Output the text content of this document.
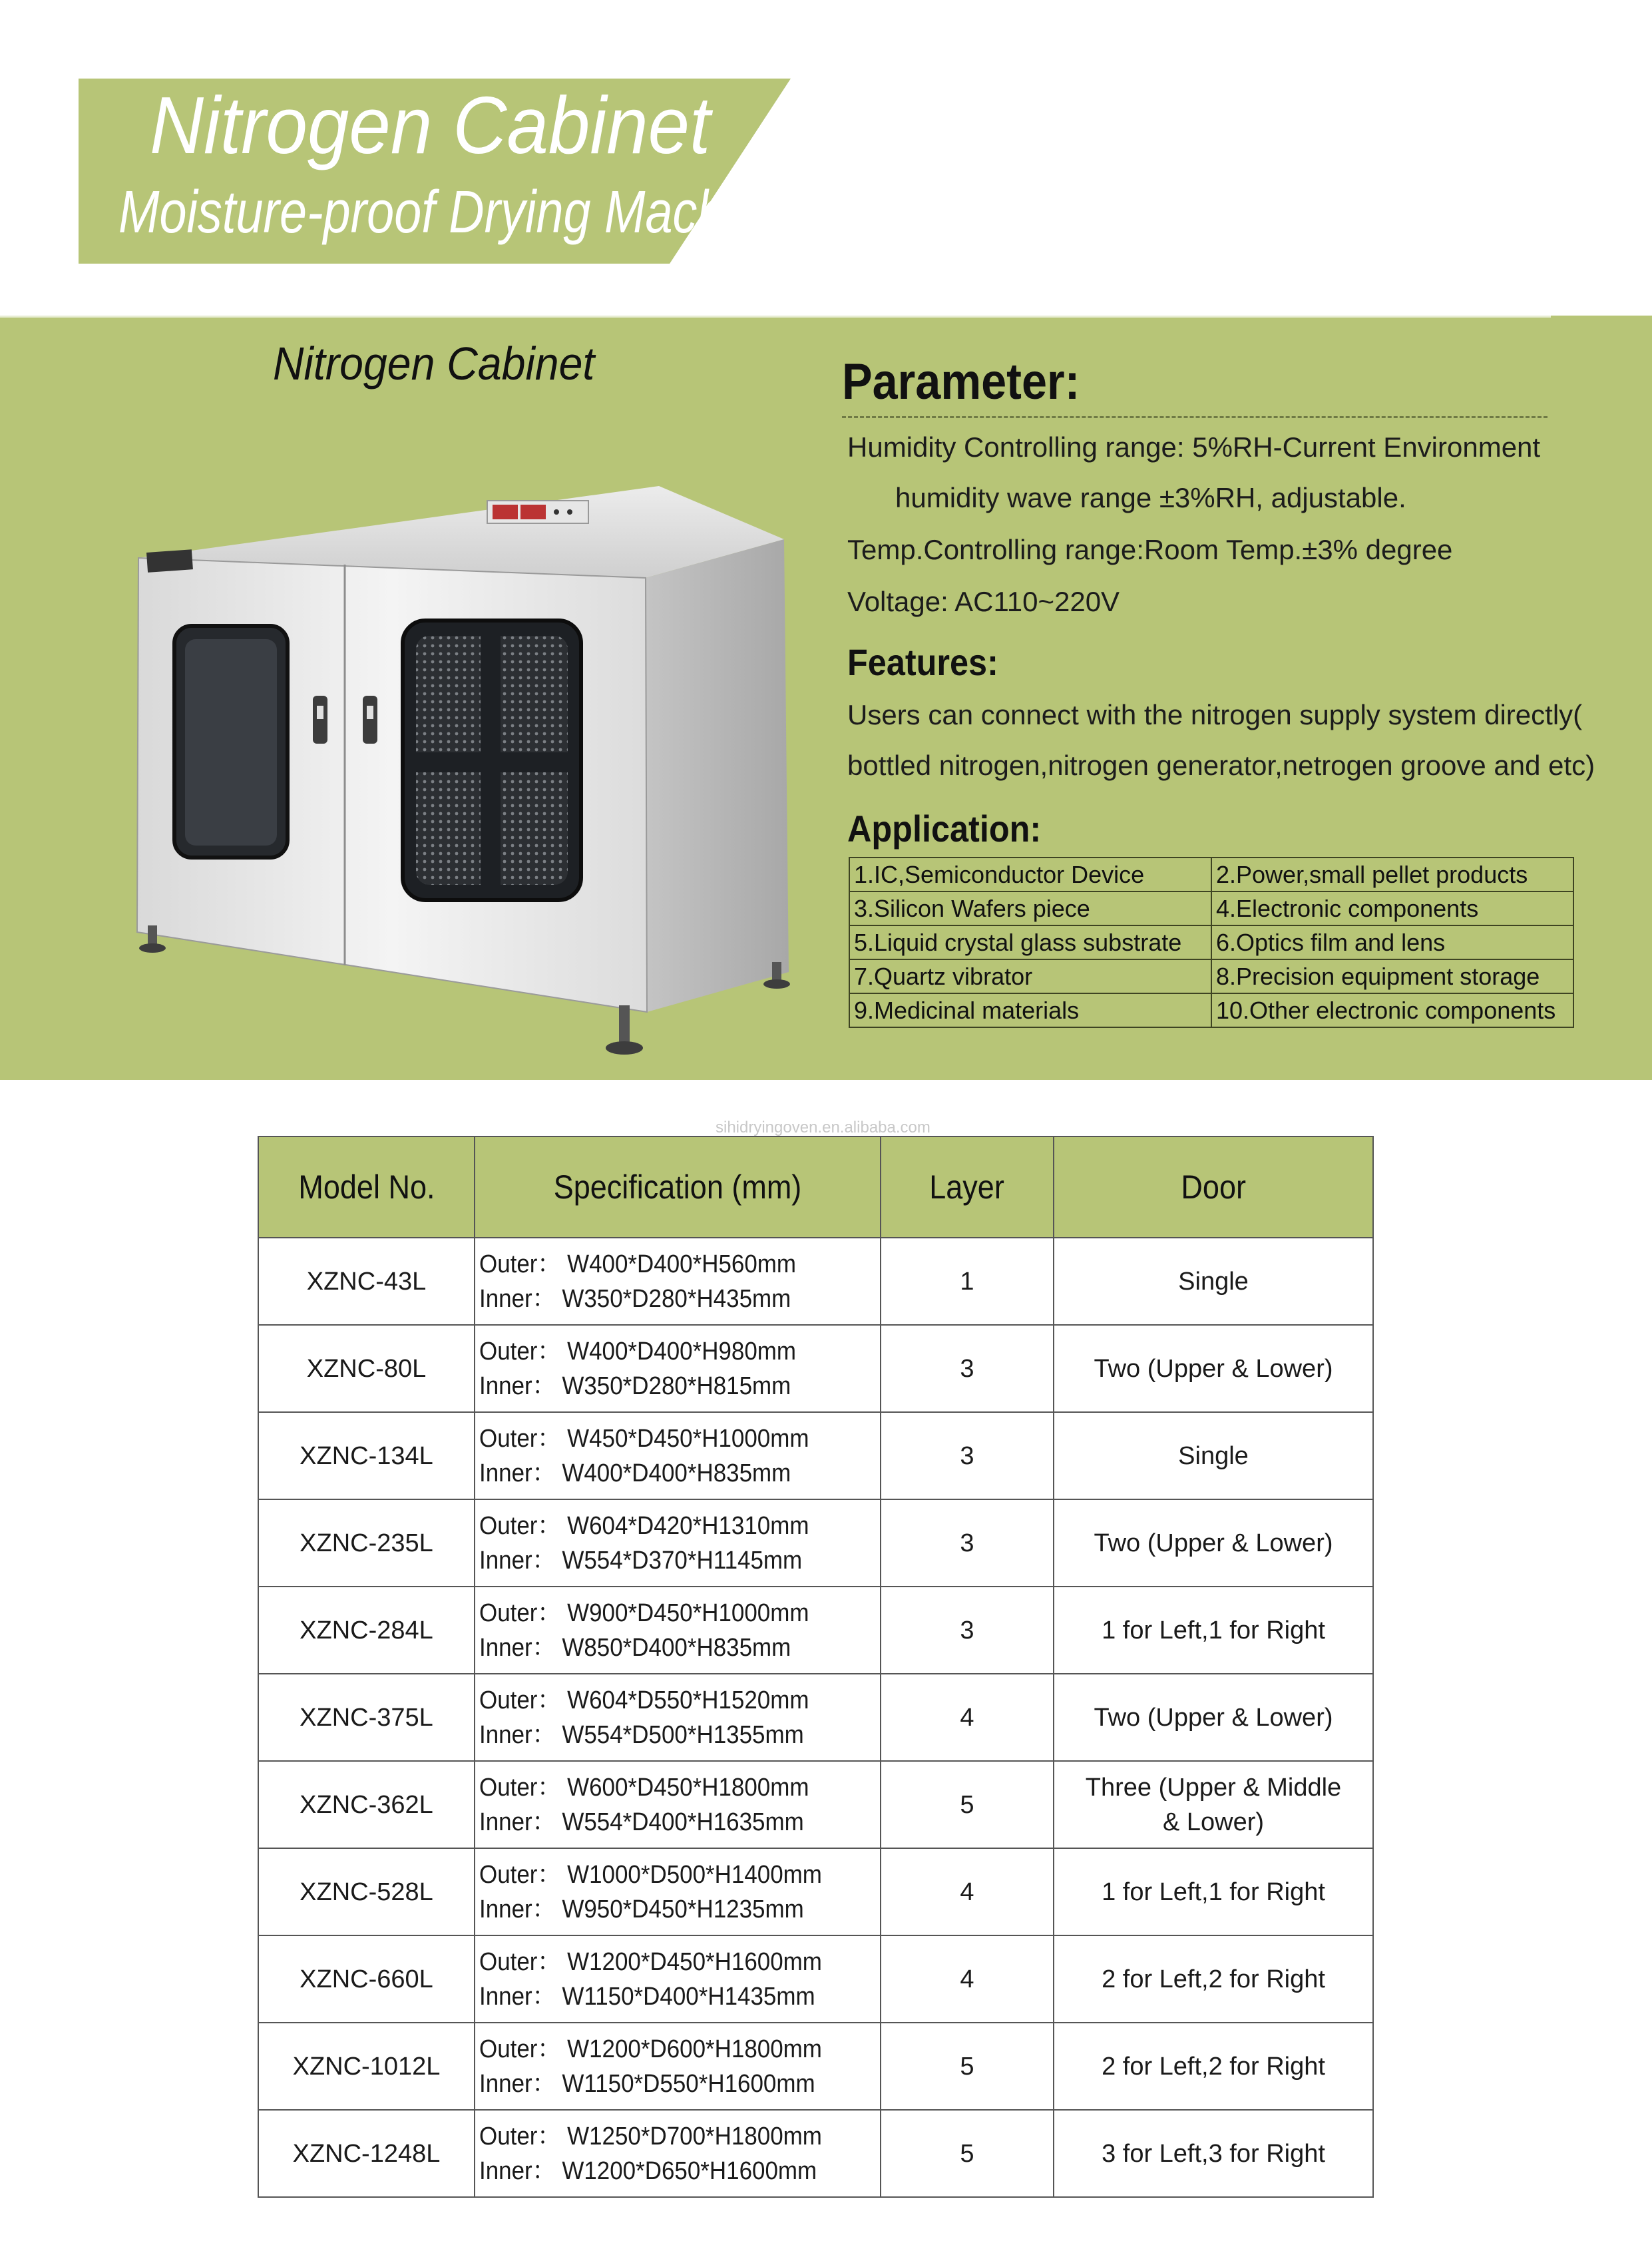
Nitrogen Cabinet
Moisture-proof Drying Machine
Nitrogen Cabinet	Parameter:
Humidity Controlling range: 5%RH-Current Environment
humidity wave range ±3%RH, adjustable.
Temp.Controlling range:Room Temp.±3% degree
Voltage: AC110~220V
Features:
Users can connect with the nitrogen supply system directly(
bottled nitrogen,nitrogen generator,netrogen groove and etc)
Application:
1.IC,Semiconductor Device	2.Power,small pellet products
3.Silicon Wafers piece	4.Electronic components
5.Liquid crystal glass substrate	6.Optics film and lens
7.Quartz vibrator	8.Precision equipment storage
9.Medicinal materials	10.Other electronic components
sihidryingoven.en.alibaba.com
Model No.	Specification (mm)	Layer	Door
XZNC-43L	Outer： W400*D400*H560mm
Inner： W350*D280*H435mm	1	Single
XZNC-80L	Outer： W400*D400*H980mm
Inner： W350*D280*H815mm	3	Two (Upper & Lower)
XZNC-134L	Outer： W450*D450*H1000mm
Inner： W400*D400*H835mm	3	Single
XZNC-235L	Outer： W604*D420*H1310mm
Inner： W554*D370*H1145mm	3	Two (Upper & Lower)
XZNC-284L	Outer： W900*D450*H1000mm
Inner： W850*D400*H835mm	3	1 for Left,1 for Right
XZNC-375L	Outer： W604*D550*H1520mm
Inner： W554*D500*H1355mm	4	Two (Upper & Lower)
XZNC-362L	Outer： W600*D450*H1800mm
Inner： W554*D400*H1635mm	5	Three (Upper & Middle & Lower)
XZNC-528L	Outer： W1000*D500*H1400mm
Inner： W950*D450*H1235mm	4	1 for Left,1 for Right
XZNC-660L	Outer： W1200*D450*H1600mm
Inner： W1150*D400*H1435mm	4	2 for Left,2 for Right
XZNC-1012L	Outer： W1200*D600*H1800mm
Inner： W1150*D550*H1600mm	5	2 for Left,2 for Right
XZNC-1248L	Outer： W1250*D700*H1800mm
Inner： W1200*D650*H1600mm	5	3 for Left,3 for Right
